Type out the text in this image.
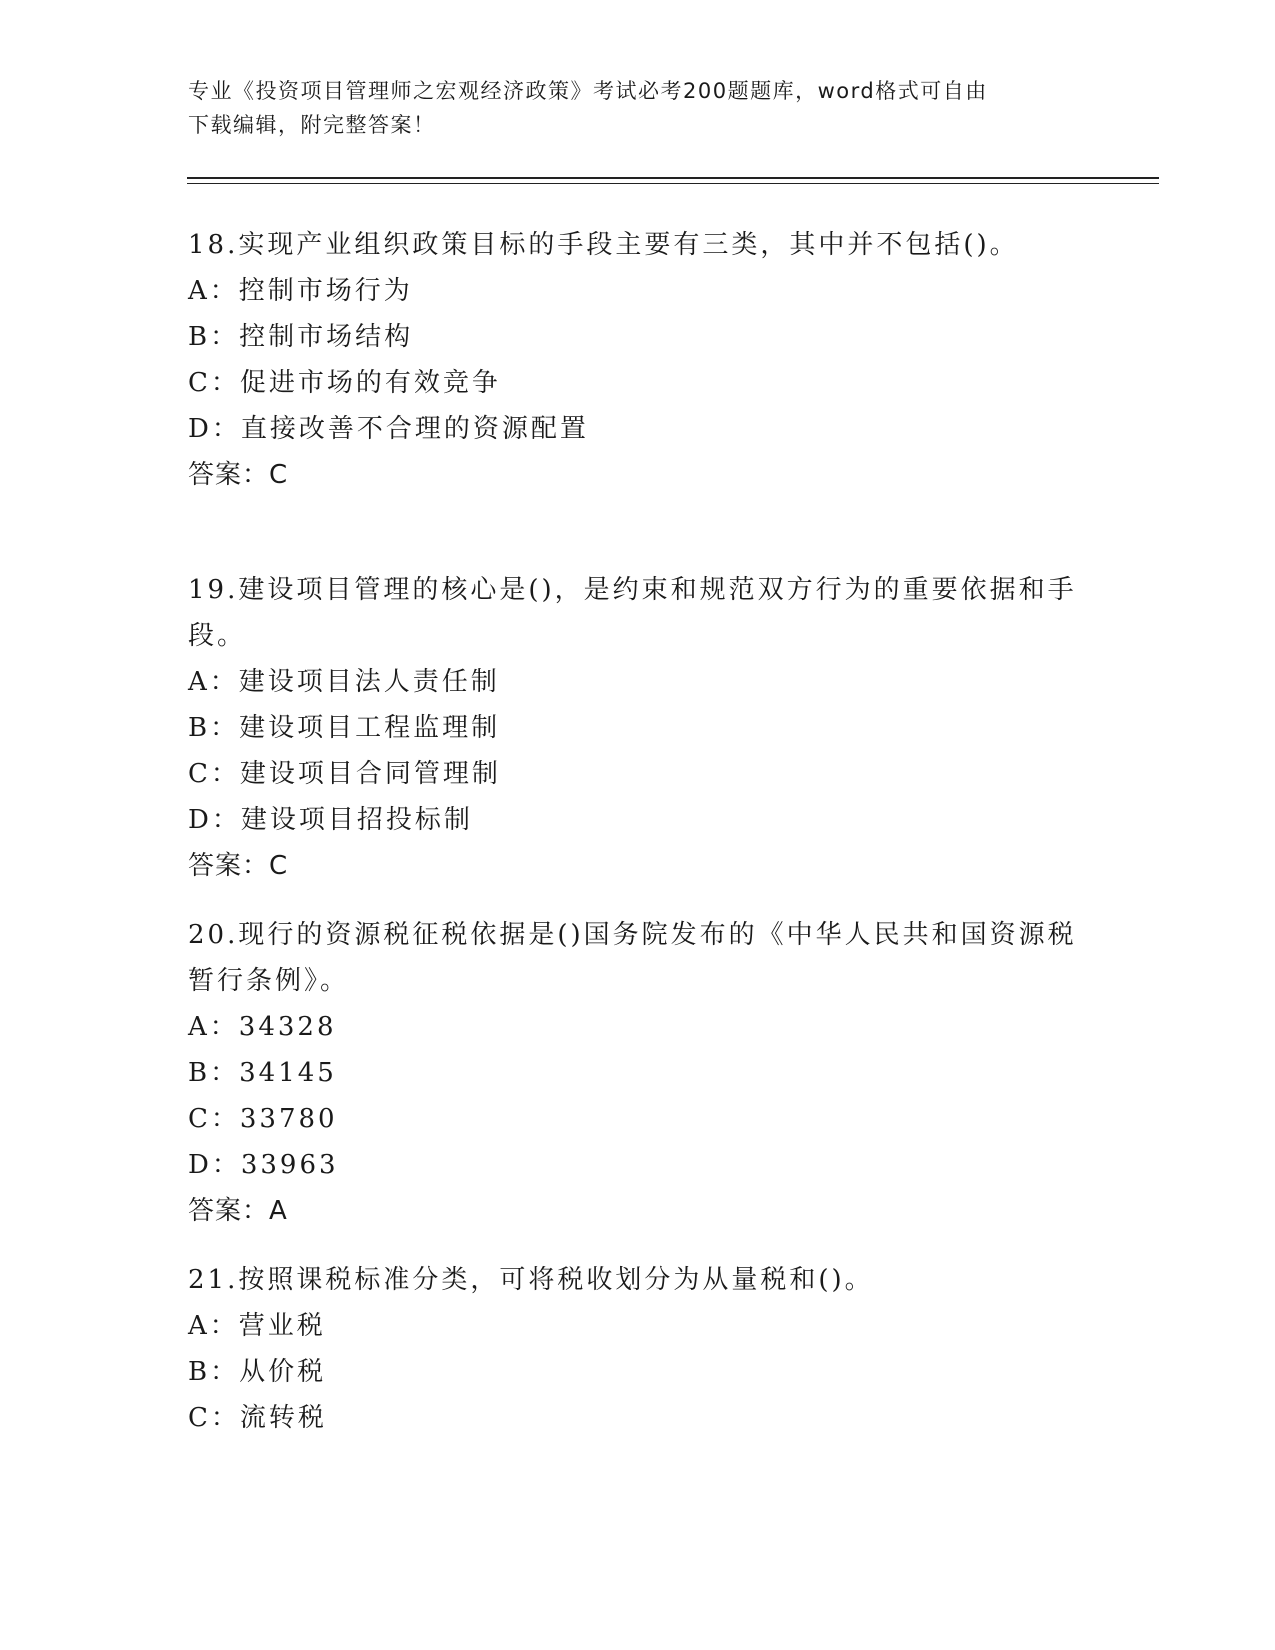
专业《投资项目管理师之宏观经济政策》考试必考200题题库，word格式可自由
下载编辑，附完整答案！

18.实现产业组织政策目标的手段主要有三类，其中并不包括()。

A：控制市场行为

B：控制市场结构

C：促进市场的有效竞争

D：直接改善不合理的资源配置

答案：C

19.建设项目管理的核心是()，是约束和规范双方行为的重要依据和手段。

A：建设项目法人责任制

B：建设项目工程监理制

C：建设项目合同管理制

D：建设项目招投标制

答案：C

20.现行的资源税征税依据是()国务院发布的《中华人民共和国资源税暂行条例》。

A：34328

B：34145

C：33780

D：33963

答案：A

21.按照课税标准分类，可将税收划分为从量税和()。

A：营业税

B：从价税

C：流转税
